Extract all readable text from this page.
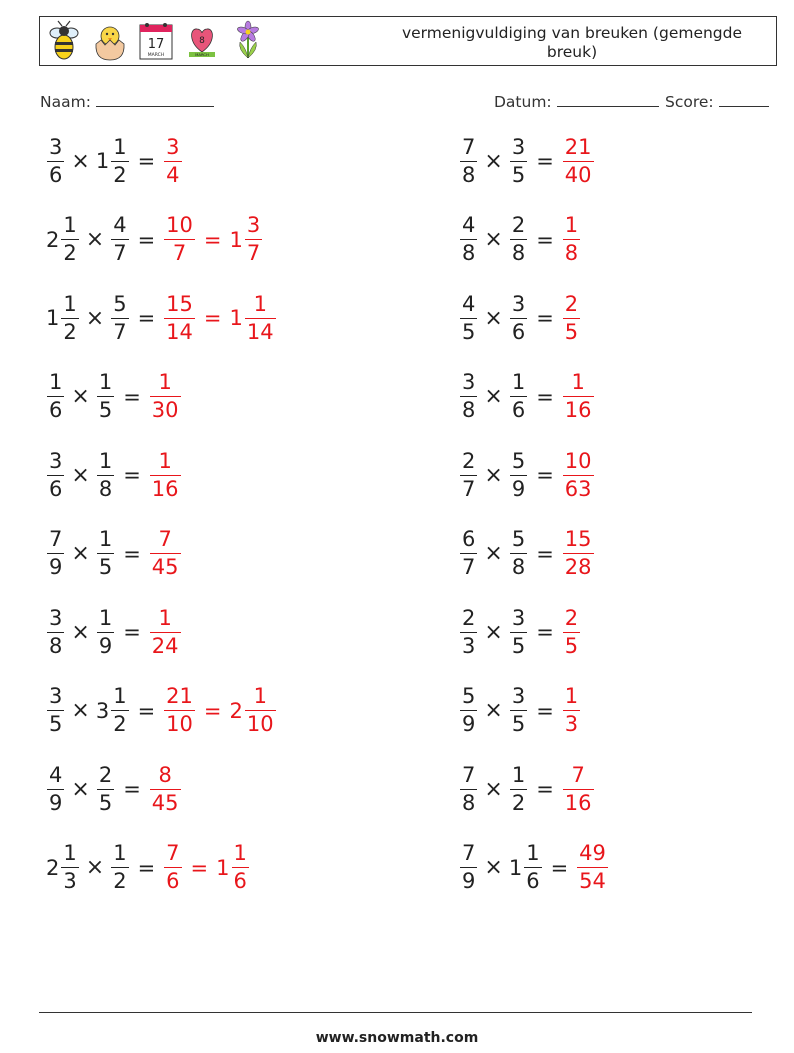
17
MARCH
8
MARCH
vermenigvuldiging van breuken (gemengde breuk)
Naam:	Datum:	Score:
$\frac{3}{6} \times 1 \frac{1}{2} = \frac{3}{4}$	$\frac{7}{8} \times \frac{3}{5} = \frac{21}{40}$
$2 \frac{1}{2} \times \frac{4}{7} = \frac{10}{7} = 1 \frac{3}{7}$	$\frac{4}{8} \times \frac{2}{8} = \frac{1}{8}$
$1 \frac{1}{2} \times \frac{5}{7} = \frac{15}{14} = 1 \frac{1}{14}$	$\frac{4}{5} \times \frac{3}{6} = \frac{2}{5}$
$\frac{1}{6} \times \frac{1}{5} = \frac{1}{30}$	$\frac{3}{8} \times \frac{1}{6} = \frac{1}{16}$
$\frac{3}{6} \times \frac{1}{8} = \frac{1}{16}$	$\frac{2}{7} \times \frac{5}{9} = \frac{10}{63}$
$\frac{7}{9} \times \frac{1}{5} = \frac{7}{45}$	$\frac{6}{7} \times \frac{5}{8} = \frac{15}{28}$
$\frac{3}{8} \times \frac{1}{9} = \frac{1}{24}$	$\frac{2}{3} \times \frac{3}{5} = \frac{2}{5}$
$\frac{3}{5} \times 3 \frac{1}{2} = \frac{21}{10} = 2 \frac{1}{10}$	$\frac{5}{9} \times \frac{3}{5} = \frac{1}{3}$
$\frac{4}{9} \times \frac{2}{5} = \frac{8}{45}$	$\frac{7}{8} \times \frac{1}{2} = \frac{7}{16}$
$2 \frac{1}{3} \times \frac{1}{2} = \frac{7}{6} = 1 \frac{1}{6}$	$\frac{7}{9} \times 1 \frac{1}{6} = \frac{49}{54}$
www.snowmath.com
